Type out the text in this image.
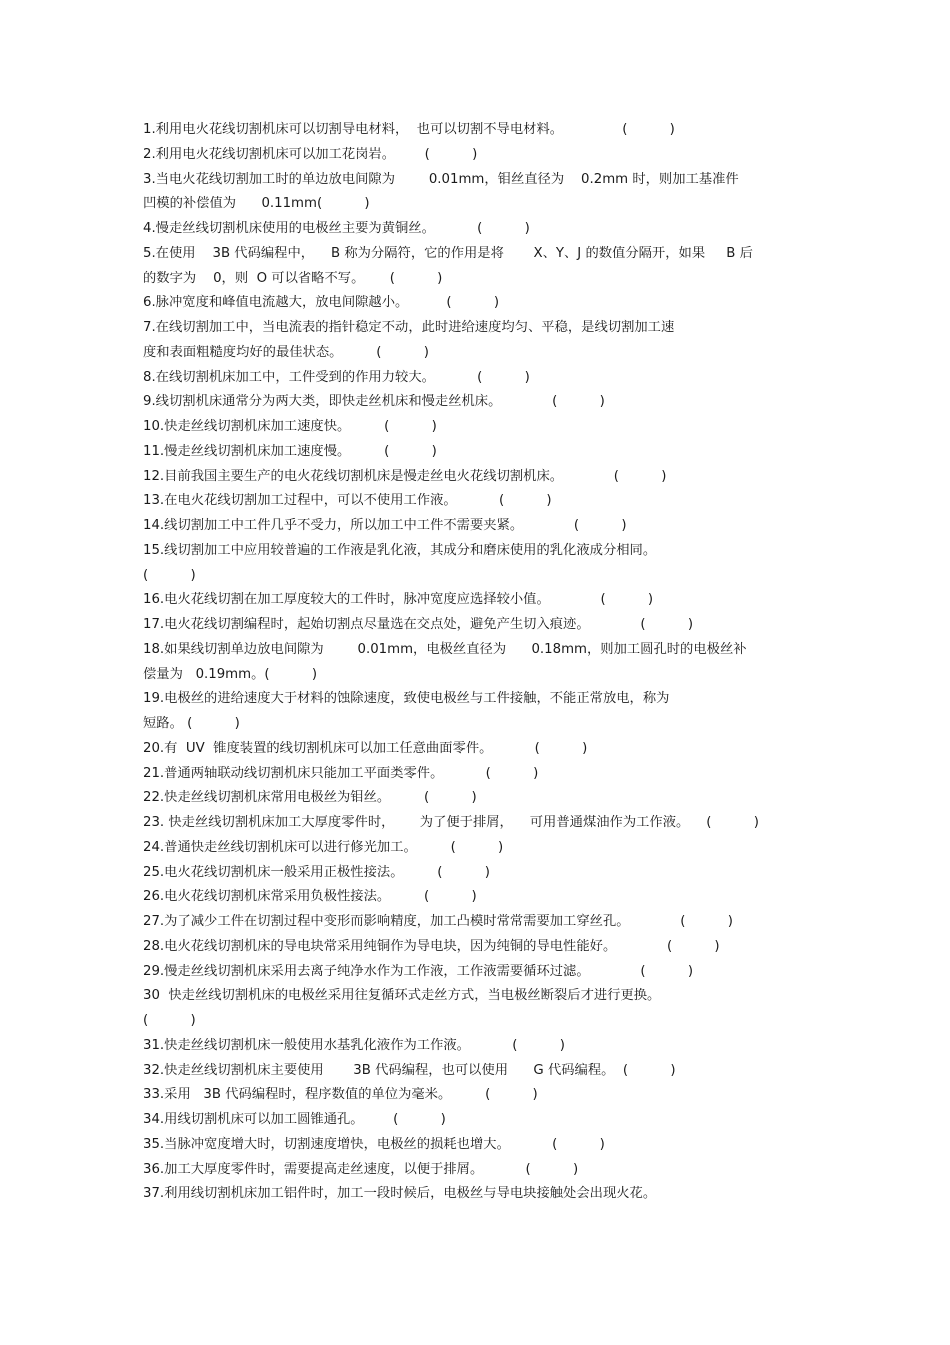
1.利用电火花线切割机床可以切割导电材料，  也可以切割不导电材料。              (          )
2.利用电火花线切割机床可以加工花岗岩。       (          )
3.当电火花线切割加工时的单边放电间隙为        0.01mm，钼丝直径为    0.2mm 时，则加工基准件
凹模的补偿值为      0.11mm(          )
4.慢走丝线切割机床使用的电极丝主要为黄铜丝。          (          )
5.在使用    3B 代码编程中，    B 称为分隔符，它的作用是将       X、Y、J 的数值分隔开，如果     B 后
的数字为    0，则  O 可以省略不写。      (          )
6.脉冲宽度和峰值电流越大，放电间隙越小。         (          )
7.在线切割加工中，当电流表的指针稳定不动，此时进给速度均匀、平稳，是线切割加工速
度和表面粗糙度均好的最佳状态。        (          )
8.在线切割机床加工中，工件受到的作用力较大。          (          )
9.线切割机床通常分为两大类，即快走丝机床和慢走丝机床。            (          )
10.快走丝线切割机床加工速度快。        (          )
11.慢走丝线切割机床加工速度慢。        (          )
12.目前我国主要生产的电火花线切割机床是慢走丝电火花线切割机床。            (          )
13.在电火花线切割加工过程中，可以不使用工作液。          (          )
14.线切割加工中工件几乎不受力，所以加工中工件不需要夹紧。            (          )
15.线切割加工中应用较普遍的工作液是乳化液，其成分和磨床使用的乳化液成分相同。
(          )
16.电火花线切割在加工厚度较大的工件时，脉冲宽度应选择较小值。            (          )
17.电火花线切割编程时，起始切割点尽量选在交点处，避免产生切入痕迹。            (          )
18.如果线切割单边放电间隙为        0.01mm，电极丝直径为      0.18mm，则加工圆孔时的电极丝补
偿量为   0.19mm。(          )
19.电极丝的进给速度大于材料的蚀除速度，致使电极丝与工件接触，不能正常放电，称为
短路。 (          )
20.有  UV  锥度装置的线切割机床可以加工任意曲面零件。          (          )
21.普通两轴联动线切割机床只能加工平面类零件。          (          )
22.快走丝线切割机床常用电极丝为钼丝。        (          )
23. 快走丝线切割机床加工大厚度零件时，      为了便于排屑，    可用普通煤油作为工作液。    (          )
24.普通快走丝线切割机床可以进行修光加工。        (          )
25.电火花线切割机床一般采用正极性接法。        (          )
26.电火花线切割机床常采用负极性接法。        (          )
27.为了减少工件在切割过程中变形而影响精度，加工凸模时常常需要加工穿丝孔。            (          )
28.电火花线切割机床的导电块常采用纯铜作为导电块，因为纯铜的导电性能好。            (          )
29.慢走丝线切割机床采用去离子纯净水作为工作液，工作液需要循环过滤。            (          )
30  快走丝线切割机床的电极丝采用往复循环式走丝方式，当电极丝断裂后才进行更换。
(          )
31.快走丝线切割机床一般使用水基乳化液作为工作液。          (          )
32.快走丝线切割机床主要使用       3B 代码编程，也可以使用      G 代码编程。  (          )
33.采用   3B 代码编程时，程序数值的单位为毫米。        (          )
34.用线切割机床可以加工圆锥通孔。       (          )
35.当脉冲宽度增大时，切割速度增快，电极丝的损耗也增大。          (          )
36.加工大厚度零件时，需要提高走丝速度，以便于排屑。          (          )
37.利用线切割机床加工铝件时，加工一段时候后，电极丝与导电块接触处会出现火花。
